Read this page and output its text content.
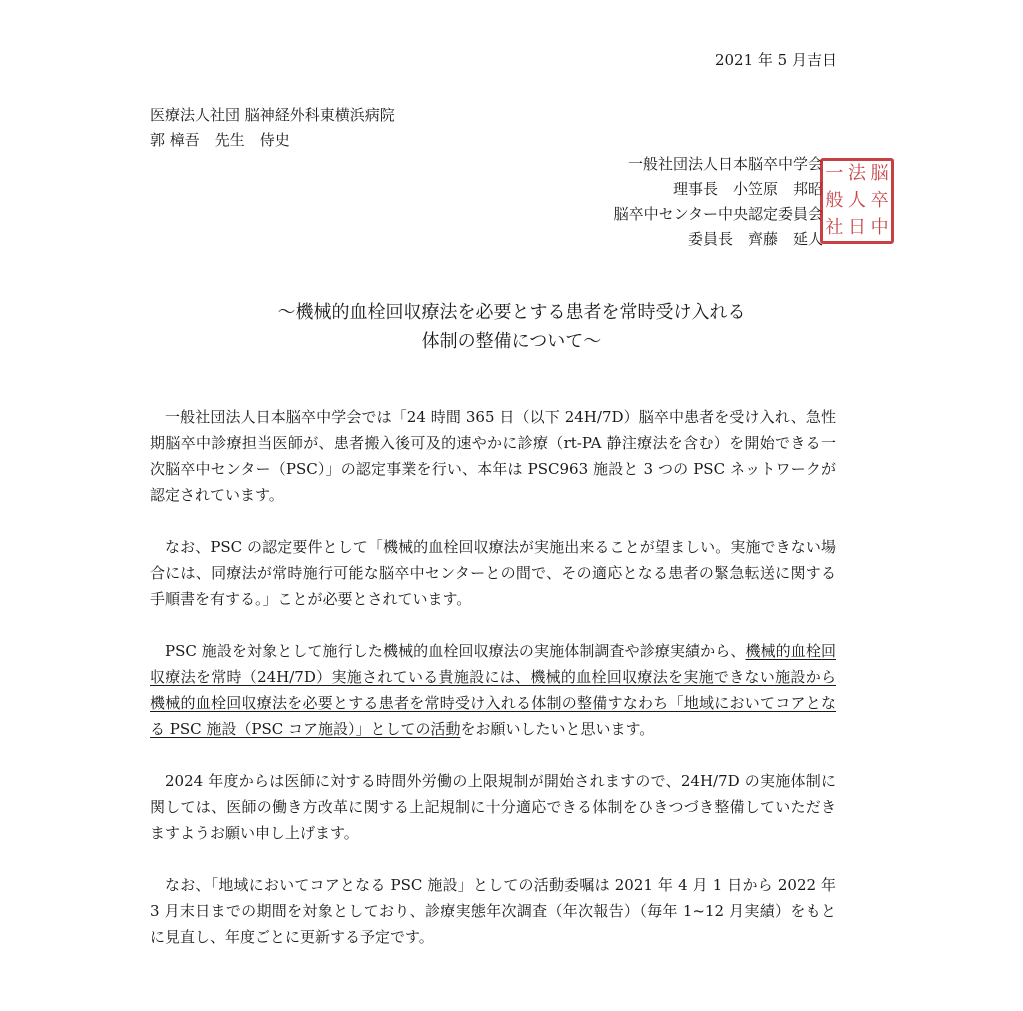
2021 年 5 月吉日
医療法人社団 脳神経外科東横浜病院
郭 樟吾　先生　侍史
一般社団法人日本脳卒中学会
理事長　小笠原　邦昭
脳卒中センター中央認定委員会
委員長　齊藤　延人
一 法 脳
般 人 卒
社 日 中
～機械的血栓回収療法を必要とする患者を常時受け入れる
体制の整備について～

一般社団法人日本脳卒中学会では「24 時間 365 日（以下 24H/7D）脳卒中患者を受け入れ、急性期脳卒中診療担当医師が、患者搬入後可及的速やかに診療（rt-PA 静注療法を含む）を開始できる一次脳卒中センター（PSC）」の認定事業を行い、本年は PSC963 施設と 3 つの PSC ネットワークが認定されています。

なお、PSC の認定要件として「機械的血栓回収療法が実施出来ることが望ましい。実施できない場合には、同療法が常時施行可能な脳卒中センターとの間で、その適応となる患者の緊急転送に関する手順書を有する。」ことが必要とされています。

PSC 施設を対象として施行した機械的血栓回収療法の実施体制調査や診療実績から、機械的血栓回収療法を常時（24H/7D）実施されている貴施設には、機械的血栓回収療法を実施できない施設から機械的血栓回収療法を必要とする患者を常時受け入れる体制の整備すなわち「地域においてコアとなる PSC 施設（PSC コア施設）」としての活動をお願いしたいと思います。

2024 年度からは医師に対する時間外労働の上限規制が開始されますので、24H/7D の実施体制に関しては、医師の働き方改革に関する上記規制に十分適応できる体制をひきつづき整備していただきますようお願い申し上げます。

なお、「地域においてコアとなる PSC 施設」としての活動委嘱は 2021 年 4 月 1 日から 2022 年 3 月末日までの期間を対象としており、診療実態年次調査（年次報告）（毎年 1~12 月実績）をもとに見直し、年度ごとに更新する予定です。
